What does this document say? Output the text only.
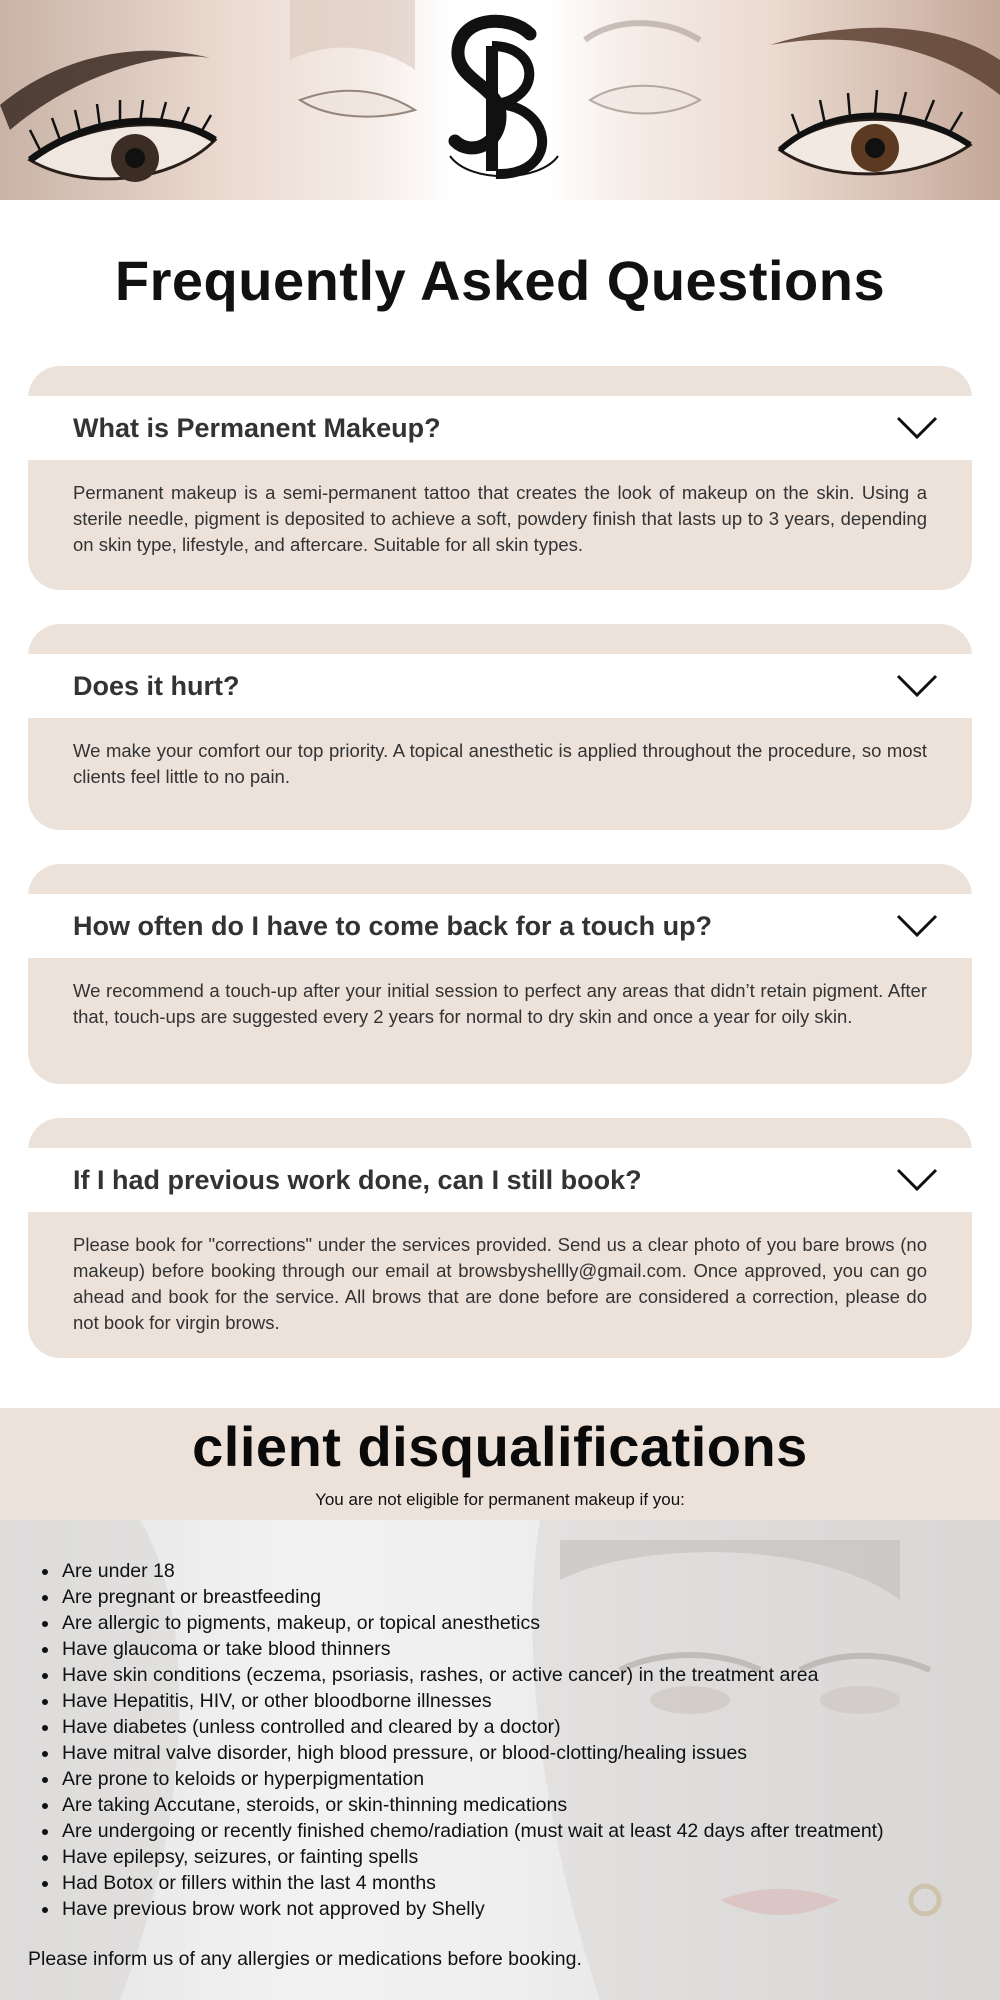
Frequently Asked Questions
What is Permanent Makeup?
Permanent makeup is a semi-permanent tattoo that creates the look of makeup on the skin. Using a sterile needle, pigment is deposited to achieve a soft, powdery finish that lasts up to 3 years, depending on skin type, lifestyle, and aftercare. Suitable for all skin types.
Does it hurt?
We make your comfort our top priority. A topical anesthetic is applied throughout the procedure, so most clients feel little to no pain.
How often do I have to come back for a touch up?
We recommend a touch-up after your initial session to perfect any areas that didn’t retain pigment. After that, touch-ups are suggested every 2 years for normal to dry skin and once a year for oily skin.
If I had previous work done, can I still book?
Please book for "corrections" under the services provided. Send us a clear photo of you bare brows (no makeup) before booking through our email at browsbyshellly@gmail.com. Once approved, you can go ahead and book for the service. All brows that are done before are considered a correction, please do not book for virgin brows.
client disqualifications
You are not eligible for permanent makeup if you:
• Are under 18
• Are pregnant or breastfeeding
• Are allergic to pigments, makeup, or topical anesthetics
• Have glaucoma or take blood thinners
• Have skin conditions (eczema, psoriasis, rashes, or active cancer) in the treatment area
• Have Hepatitis, HIV, or other bloodborne illnesses
• Have diabetes (unless controlled and cleared by a doctor)
• Have mitral valve disorder, high blood pressure, or blood-clotting/healing issues
• Are prone to keloids or hyperpigmentation
• Are taking Accutane, steroids, or skin-thinning medications
• Are undergoing or recently finished chemo/radiation (must wait at least 42 days after treatment)
• Have epilepsy, seizures, or fainting spells
• Had Botox or fillers within the last 4 months
• Have previous brow work not approved by Shelly
Please inform us of any allergies or medications before booking.
